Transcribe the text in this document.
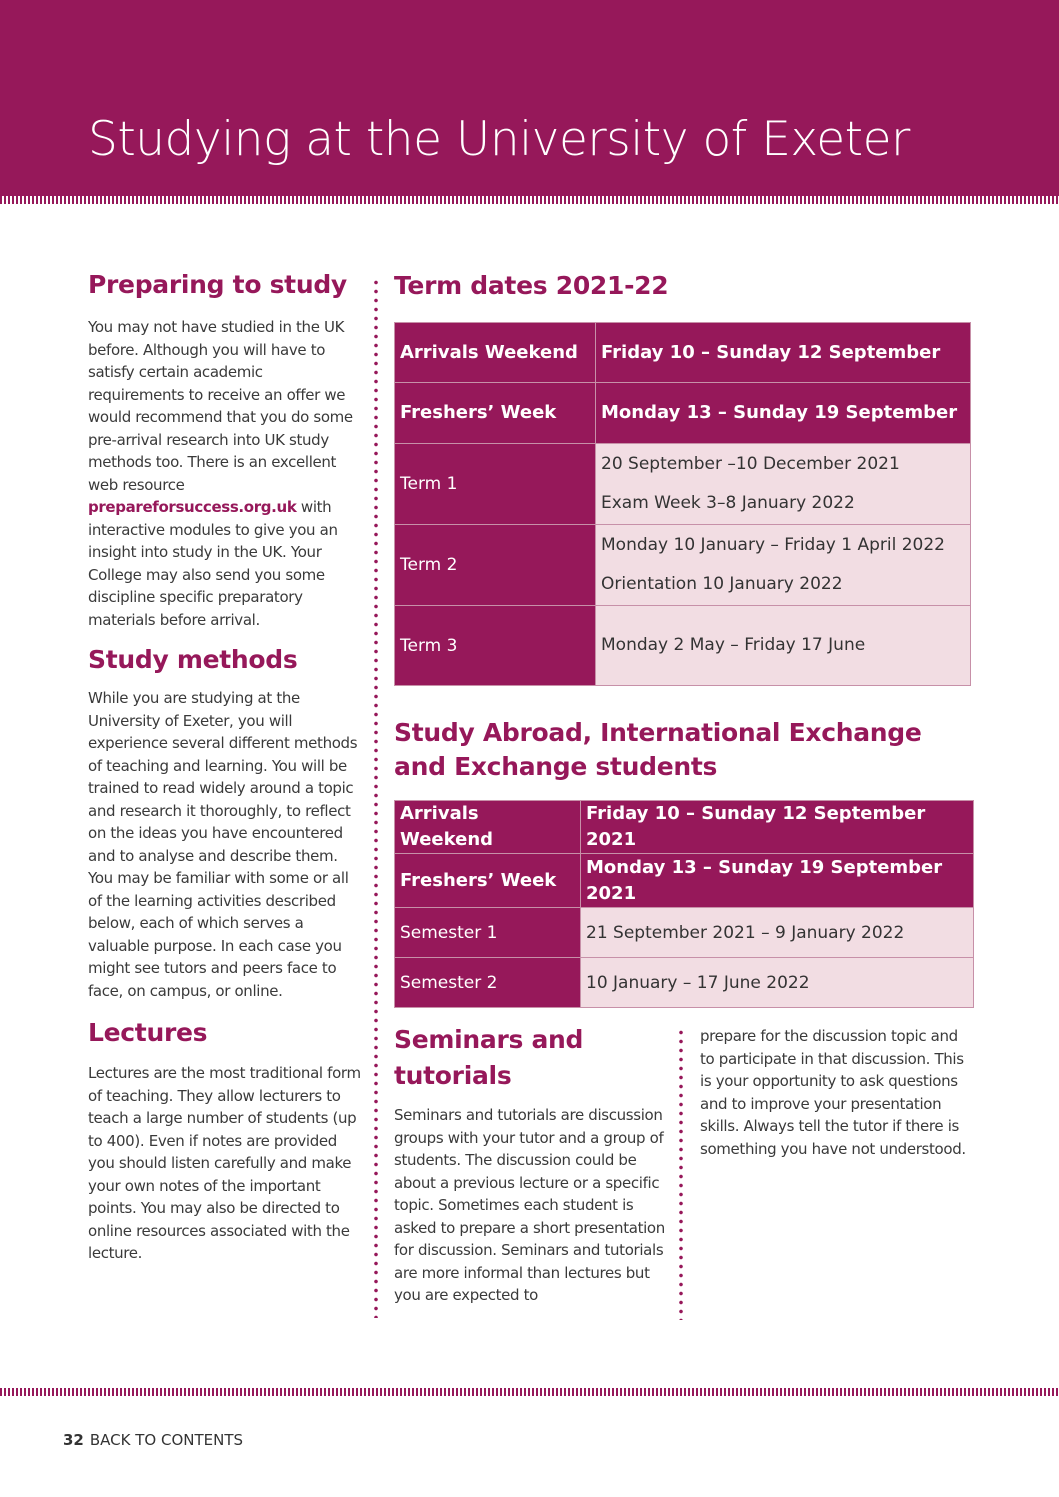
Studying at the University of Exeter
Preparing to study

You may not have studied in the UK before. Although you will have to satisfy certain academic requirements to receive an offer we would recommend that you do some pre-arrival research into UK study methods too. There is an excellent web resource prepareforsuccess.org.uk with interactive modules to give you an insight into study in the UK. Your College may also send you some discipline specific preparatory materials before arrival.

Study methods

While you are studying at the University of Exeter, you will experience several different methods of teaching and learning. You will be trained to read widely around a topic and research it thoroughly, to reflect on the ideas you have encountered and to analyse and describe them. You may be familiar with some or all of the learning activities described below, each of which serves a valuable purpose. In each case you might see tutors and peers face to face, on campus, or online.

Lectures

Lectures are the most traditional form of teaching. They allow lecturers to teach a large number of students (up to 400). Even if notes are provided you should listen carefully and make your own notes of the important points. You may also be directed to online resources associated with the lecture.

Term dates 2021-22
Arrivals Weekend	Friday 10 – Sunday 12 September

Freshers’ Week	Monday 13 – Sunday 19 September

Term 1	20 September –10 December 2021
Exam Week 3–8 January 2022

Term 2	Monday 10 January – Friday 1 April 2022
Orientation 10 January 2022

Term 3	Monday 2 May – Friday 17 June
Study Abroad, International Exchange and Exchange students
Arrivals Weekend	Friday 10 – Sunday 12 September 2021
Freshers’ Week	Monday 13 – Sunday 19 September 2021
Semester 1	21 September 2021 – 9 January 2022
Semester 2	10 January – 17 June 2022
Seminars and tutorials

Seminars and tutorials are discussion groups with your tutor and a group of students. The discussion could be about a previous lecture or a specific topic. Sometimes each student is asked to prepare a short presentation for discussion. Seminars and tutorials are more informal than lectures but you are expected to

prepare for the discussion topic and to participate in that discussion. This is your opportunity to ask questions and to improve your presentation skills. Always tell the tutor if there is something you have not understood.

32 BACK TO CONTENTS
